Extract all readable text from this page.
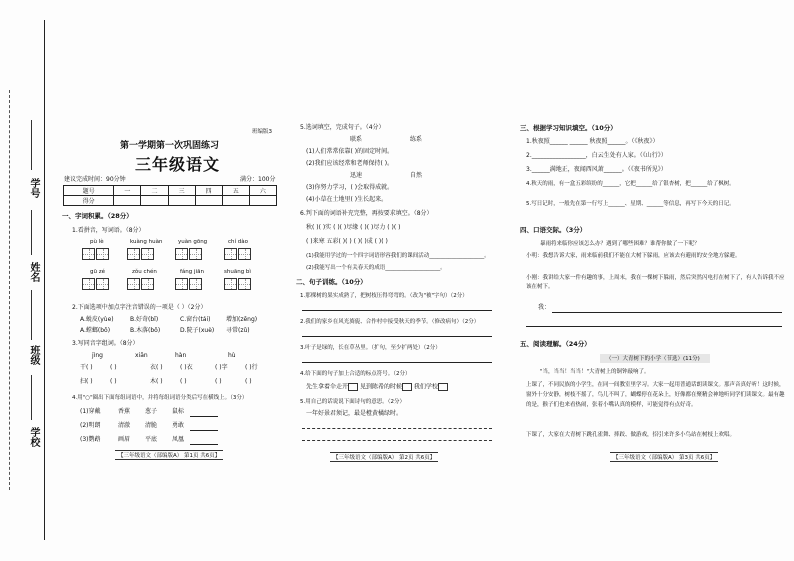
学号
姓名
班级
学校
班编版3
第一学期第一次巩固练习
三年级语文
建议完成时间：90分钟	满分：100分
题号	一	二	三	四	五	六
得分						
一、字词积累。（28分）
1.看拼音，写词语。（8分）
pù lè	kuàng huàn	yuàn gōng	chí dào
gū zé	zǒu chén	fáng jiān	shuāng bì
2.下面选项中加点字注音错误的一项是（ ）（2分）
A.蜕皮(yùe)	B.好奇(bǐ)	C.窗台(tái)	增加(zēng)
A.螳螂(bō)	B.木落(bō)	D.院子(xuè) 寻常(zǔ)
3.写同音字组词。（8分）
jìng	xiān	hàn	hù
干( )	( )	衣( )	( )衣	( )字	( )行
扫( )	( )	木( )	( )	( )	( )
4.用"○"圈出下面每组词语中，并将每组词语分类后写在横线上。（3分）
(1)穿戴	香蕉 葱子 鼠标
(2)明朗	清澈 清脆 勇敢
(3)鹦鹉	画眉 平底 凤凰
【三年级语文（部编版A） 第1页 共6页】
5.选词填空，完成句子。（4分）
联系	练系
(1)人们常常依靠( )的固定时间。
(2)我们应该经常和老师保持( )。
迅速	自然
(3)你努力学习，( )会取得成就。
(4)小草在土地里( )生长起来。
6.判下面的词语补充完整，再按要求填空。（8分）
秋( )( )实 ( )( )尽缘 ( )( )尽力 ( )( )
( )来寒 五彩( )( ) ( )( )成 ( )( )
(1)我能用学过的一个四字词语形容我们的课间活动____________________。
(2)我能写出一个有关春天的成语____________________。
二、句子训练。（10分）
1.那棵树的果实成熟了，把树枝压得弯弯的。（改为"被"字句）（2分）
2.我们的家乡在风光旖旎、合作村中接受秋天的季节。（修改病句）（2分）
3.叶子是绿的，长在草丛里。（扩句，至少扩两处）（2分）
4.给下面的句子加上合适的标点符号。（2分）
先生拿着伞走开 见到陈希的时候 我们学校
5.用自己的话说说下面诗句的意思。（2分）
一年好景君须记，最是橙黄橘绿时。
【三年级语文（部编版A） 第2页 共6页】
三、根据学习知识填空。（10分）
1.秋夜照______ ______ 秋夜照______。（《秋夜》）
2.__________________，白云生处有人家。（《山行》）
3.______满地正，夜闻西风萧______。（《夜书所见》）
4.秋天的雨，有一盒五彩缤纷的______，它把______给了银杏树，把______给了枫树。
5.写日记时，一般先在第一行写上______、星期、______等信息，再写下今天的日记。
四、口语交际。（3分）
暴雨将来临你应该怎么办？遇到了哪些困难？谁帮你做了一下呢？
小明：我想告诉大家，雨来临前我们不能在大树下躲雨，应该去有避雨的安全地方躲避。
小刚：我讲给大家一件有趣的事，上周末，我在一棵树下躲雨，然后突然闪电打在树下了，有人告诉我不应该在树下。
我：
五、阅读理解。（24分）
（一）大青树下的小学（节选）(11分)
"当，当当！当当！"大青树上的铜钟敲响了。
上课了，不同民族的小学生，在同一间教室里学习。大家一起用普通话朗读课文。那声音真好听！这时候，窗外十分安静，树枝不摇了，鸟儿不叫了，蝴蝶停在花朵上，好像都在聚精会神地听同学们读课文。最有趣的是，猴子们也来看热闹，张着小嘴认真的模样，可能觉得有点好奇。
下课了，大家在大青树下跳孔雀舞、摔跤、做游戏，招引来许多小鸟站在树枝上欢唱。
【三年级语文（部编版A） 第3页 共6页】
